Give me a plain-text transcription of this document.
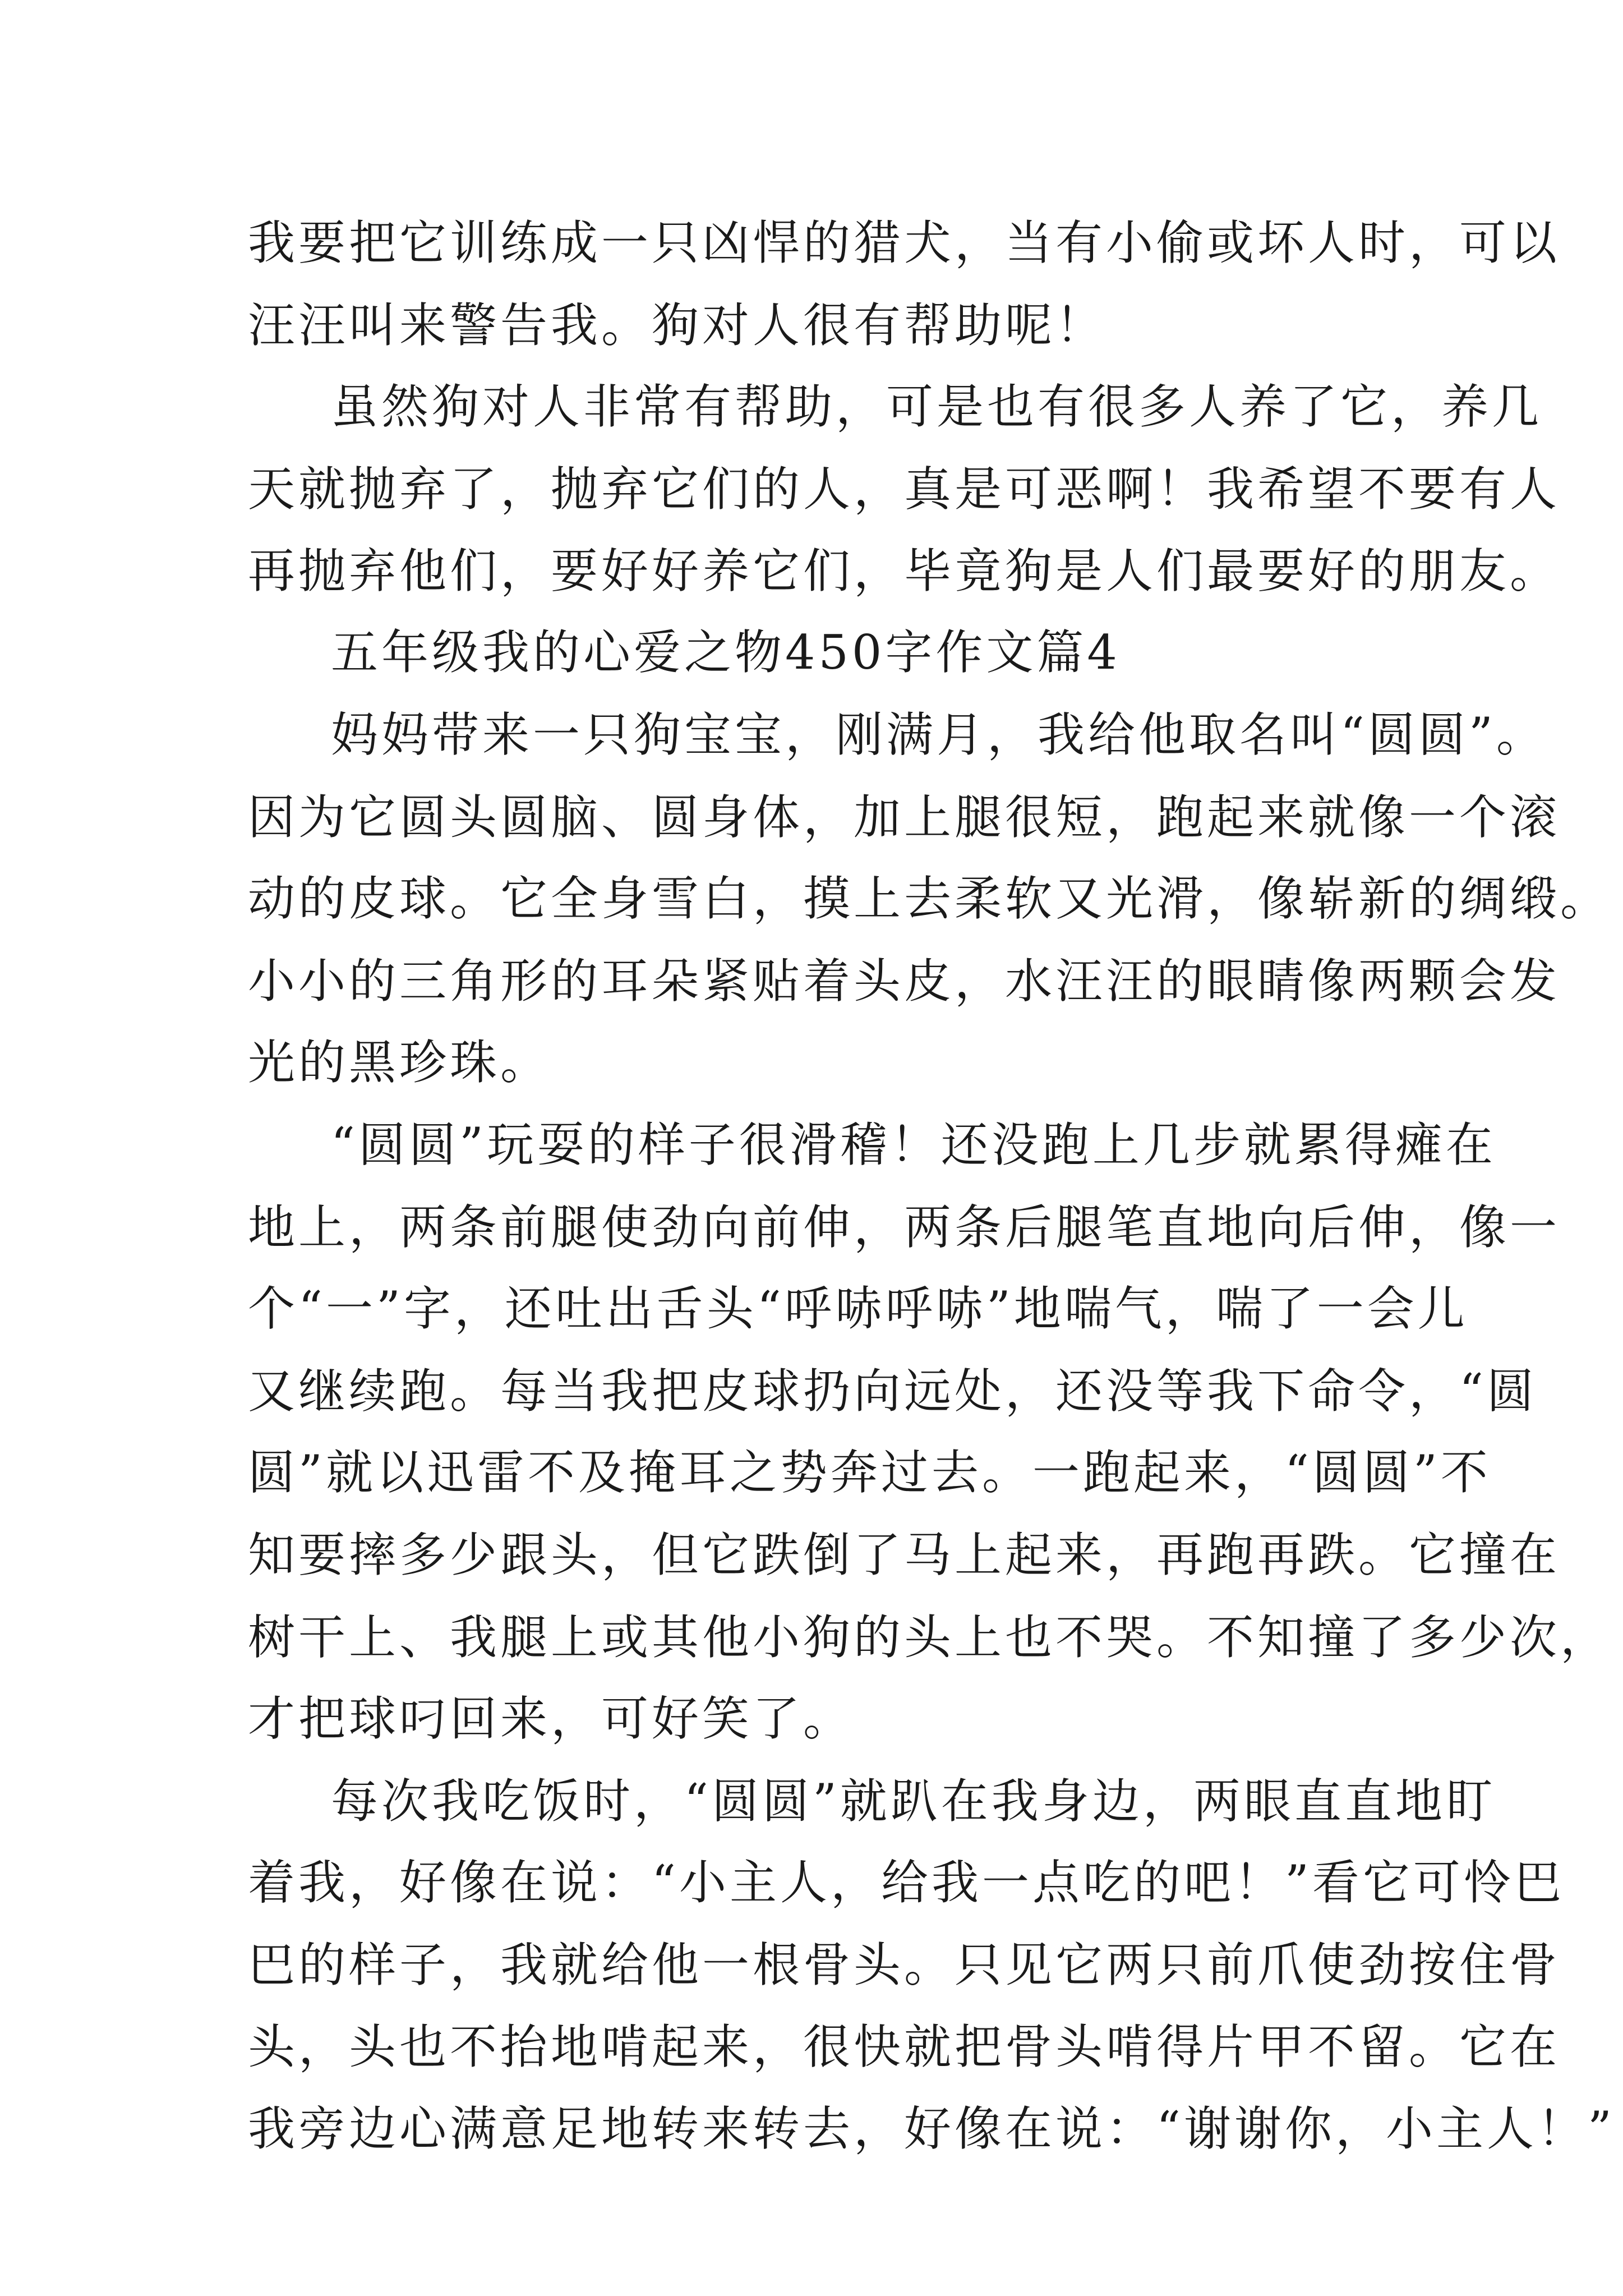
我要把它训练成一只凶悍的猎犬，当有小偷或坏人时，可以
汪汪叫来警告我。狗对人很有帮助呢！
虽然狗对人非常有帮助，可是也有很多人养了它，养几
天就抛弃了，抛弃它们的人，真是可恶啊！我希望不要有人
再抛弃他们，要好好养它们，毕竟狗是人们最要好的朋友。
五年级我的心爱之物450字作文篇4
妈妈带来一只狗宝宝，刚满月，我给他取名叫“圆圆”。
因为它圆头圆脑、圆身体，加上腿很短，跑起来就像一个滚
动的皮球。它全身雪白，摸上去柔软又光滑，像崭新的绸缎。
小小的三角形的耳朵紧贴着头皮，水汪汪的眼睛像两颗会发
光的黑珍珠。
“圆圆”玩耍的样子很滑稽！还没跑上几步就累得瘫在
地上，两条前腿使劲向前伸，两条后腿笔直地向后伸，像一
个“一”字，还吐出舌头“呼哧呼哧”地喘气，喘了一会儿
又继续跑。每当我把皮球扔向远处，还没等我下命令，“圆
圆”就以迅雷不及掩耳之势奔过去。一跑起来，“圆圆”不
知要摔多少跟头，但它跌倒了马上起来，再跑再跌。它撞在
树干上、我腿上或其他小狗的头上也不哭。不知撞了多少次，
才把球叼回来，可好笑了。
每次我吃饭时，“圆圆”就趴在我身边，两眼直直地盯
着我，好像在说：“小主人，给我一点吃的吧！”看它可怜巴
巴的样子，我就给他一根骨头。只见它两只前爪使劲按住骨
头，头也不抬地啃起来，很快就把骨头啃得片甲不留。它在
我旁边心满意足地转来转去，好像在说：“谢谢你，小主人！”
